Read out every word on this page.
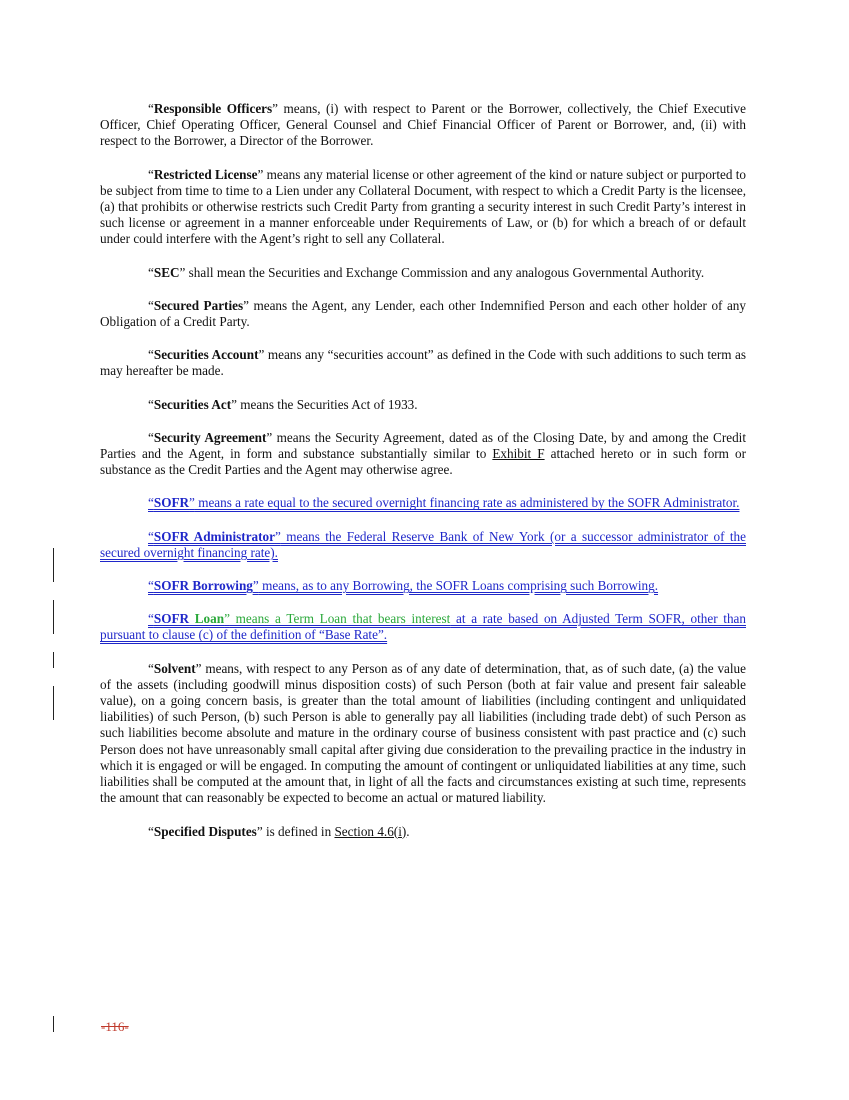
“Responsible Officers” means, (i) with respect to Parent or the Borrower, collectively, the Chief Executive Officer, Chief Operating Officer, General Counsel and Chief Financial Officer of Parent or Borrower, and, (ii) with respect to the Borrower, a Director of the Borrower.

“Restricted License” means any material license or other agreement of the kind or nature subject or purported to be subject from time to time to a Lien under any Collateral Document, with respect to which a Credit Party is the licensee, (a) that prohibits or otherwise restricts such Credit Party from granting a security interest in such Credit Party’s interest in such license or agreement in a manner enforceable under Requirements of Law, or (b) for which a breach of or default under could interfere with the Agent’s right to sell any Collateral.

“SEC” shall mean the Securities and Exchange Commission and any analogous Governmental Authority.

“Secured Parties” means the Agent, any Lender, each other Indemnified Person and each other holder of any Obligation of a Credit Party.

“Securities Account” means any “securities account” as defined in the Code with such additions to such term as may hereafter be made.

“Securities Act” means the Securities Act of 1933.

“Security Agreement” means the Security Agreement, dated as of the Closing Date, by and among the Credit Parties and the Agent, in form and substance substantially similar to Exhibit F attached hereto or in such form or substance as the Credit Parties and the Agent may otherwise agree.

“SOFR” means a rate equal to the secured overnight financing rate as administered by the SOFR Administrator.

“SOFR Administrator” means the Federal Reserve Bank of New York (or a successor administrator of the secured overnight financing rate).

“SOFR Borrowing” means, as to any Borrowing, the SOFR Loans comprising such Borrowing.

“SOFR Loan” means a Term Loan that bears interest at a rate based on Adjusted Term SOFR, other than pursuant to clause (c) of the definition of “Base Rate”.

“Solvent” means, with respect to any Person as of any date of determination, that, as of such date, (a) the value of the assets (including goodwill minus disposition costs) of such Person (both at fair value and present fair saleable value), on a going concern basis, is greater than the total amount of liabilities (including contingent and unliquidated liabilities) of such Person, (b) such Person is able to generally pay all liabilities (including trade debt) of such Person as such liabilities become absolute and mature in the ordinary course of business consistent with past practice and (c) such Person does not have unreasonably small capital after giving due consideration to the prevailing practice in the industry in which it is engaged or will be engaged. In computing the amount of contingent or unliquidated liabilities at any time, such liabilities shall be computed at the amount that, in light of all the facts and circumstances existing at such time, represents the amount that can reasonably be expected to become an actual or matured liability.

“Specified Disputes” is defined in Section 4.6(i).

-116-
